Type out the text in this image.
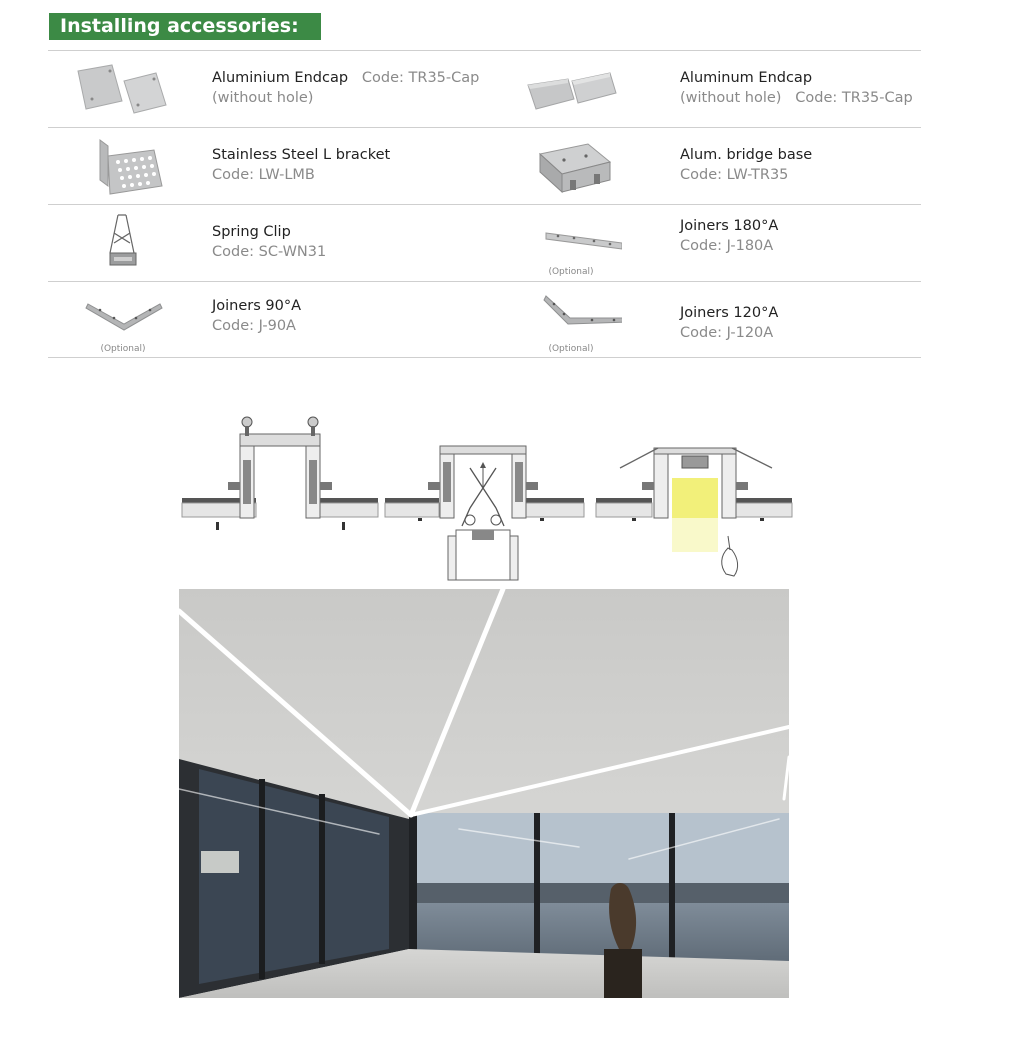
Installing accessories:
Aluminium Endcap Code: TR35-Cap
(without hole)
Aluminum Endcap
(without hole) Code: TR35-Cap
Stainless Steel L bracket
Code: LW-LMB
Alum. bridge base
Code: LW-TR35
Spring Clip
Code: SC-WN31
(Optional)
Joiners 180°A
Code: J-180A
(Optional)
Joiners 90°A
Code: J-90A
(Optional)
Joiners 120°A
Code: J-120A
